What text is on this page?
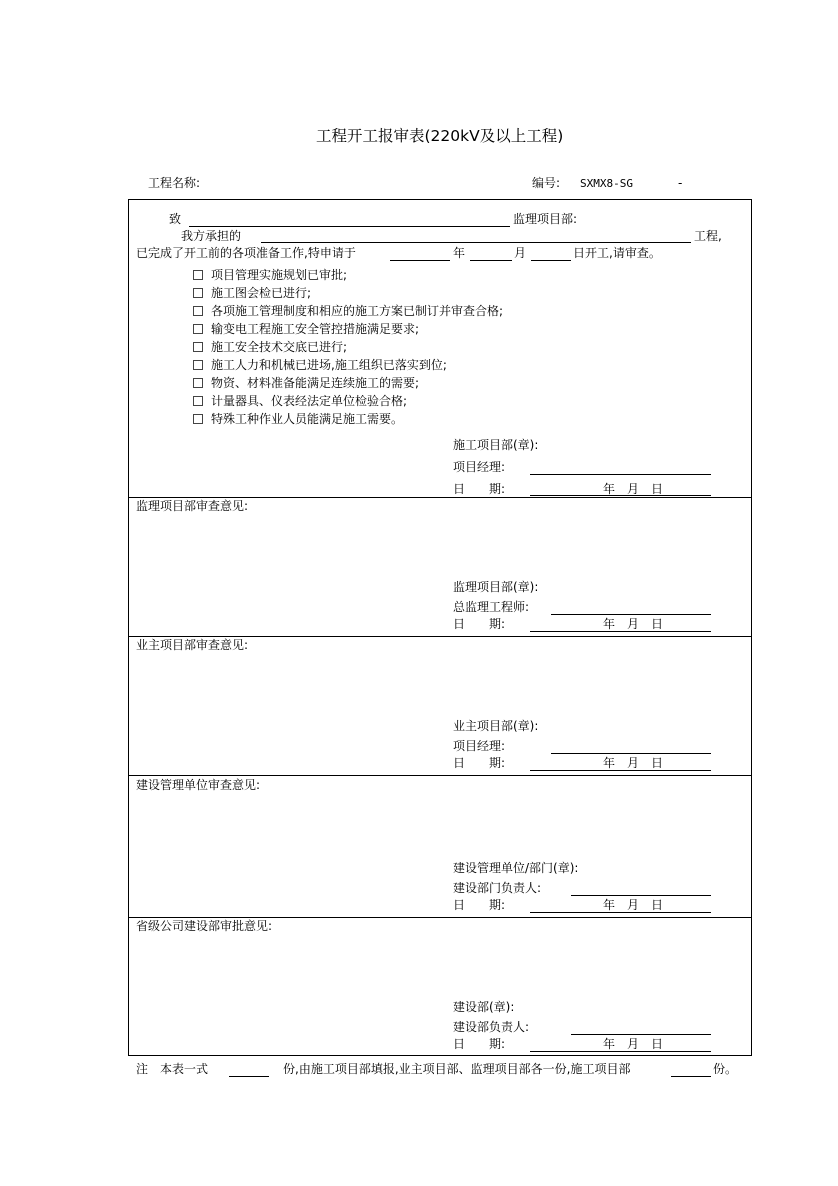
工程开工报审表(220kV及以上工程)
工程名称:	编号: SXMX8-SG	-
致	监理项目部:
我方承担的	工程,
已完成了开工前的各项准备工作,特申请于	年	月	日开工,请审查。
项目管理实施规划已审批;
施工图会检已进行;
各项施工管理制度和相应的施工方案已制订并审查合格;
输变电工程施工安全管控措施满足要求;
施工安全技术交底已进行;
施工人力和机械已进场,施工组织已落实到位;
物资、材料准备能满足连续施工的需要;
计量器具、仪表经法定单位检验合格;
特殊工种作业人员能满足施工需要。
施工项目部(章):
项目经理:
日　　期:	年　月　日
监理项目部审查意见:
监理项目部(章):
总监理工程师:
日　　期:	年　月　日
业主项目部审查意见:
业主项目部(章):
项目经理:
日　　期:	年　月　日
建设管理单位审查意见:
建设管理单位/部门(章):
建设部门负责人:
日　　期:	年　月　日
省级公司建设部审批意见:
建设部(章):
建设部负责人:
日　　期:	年　月　日
注　本表一式	份,由施工项目部填报,业主项目部、监理项目部各一份,施工项目部	份。
